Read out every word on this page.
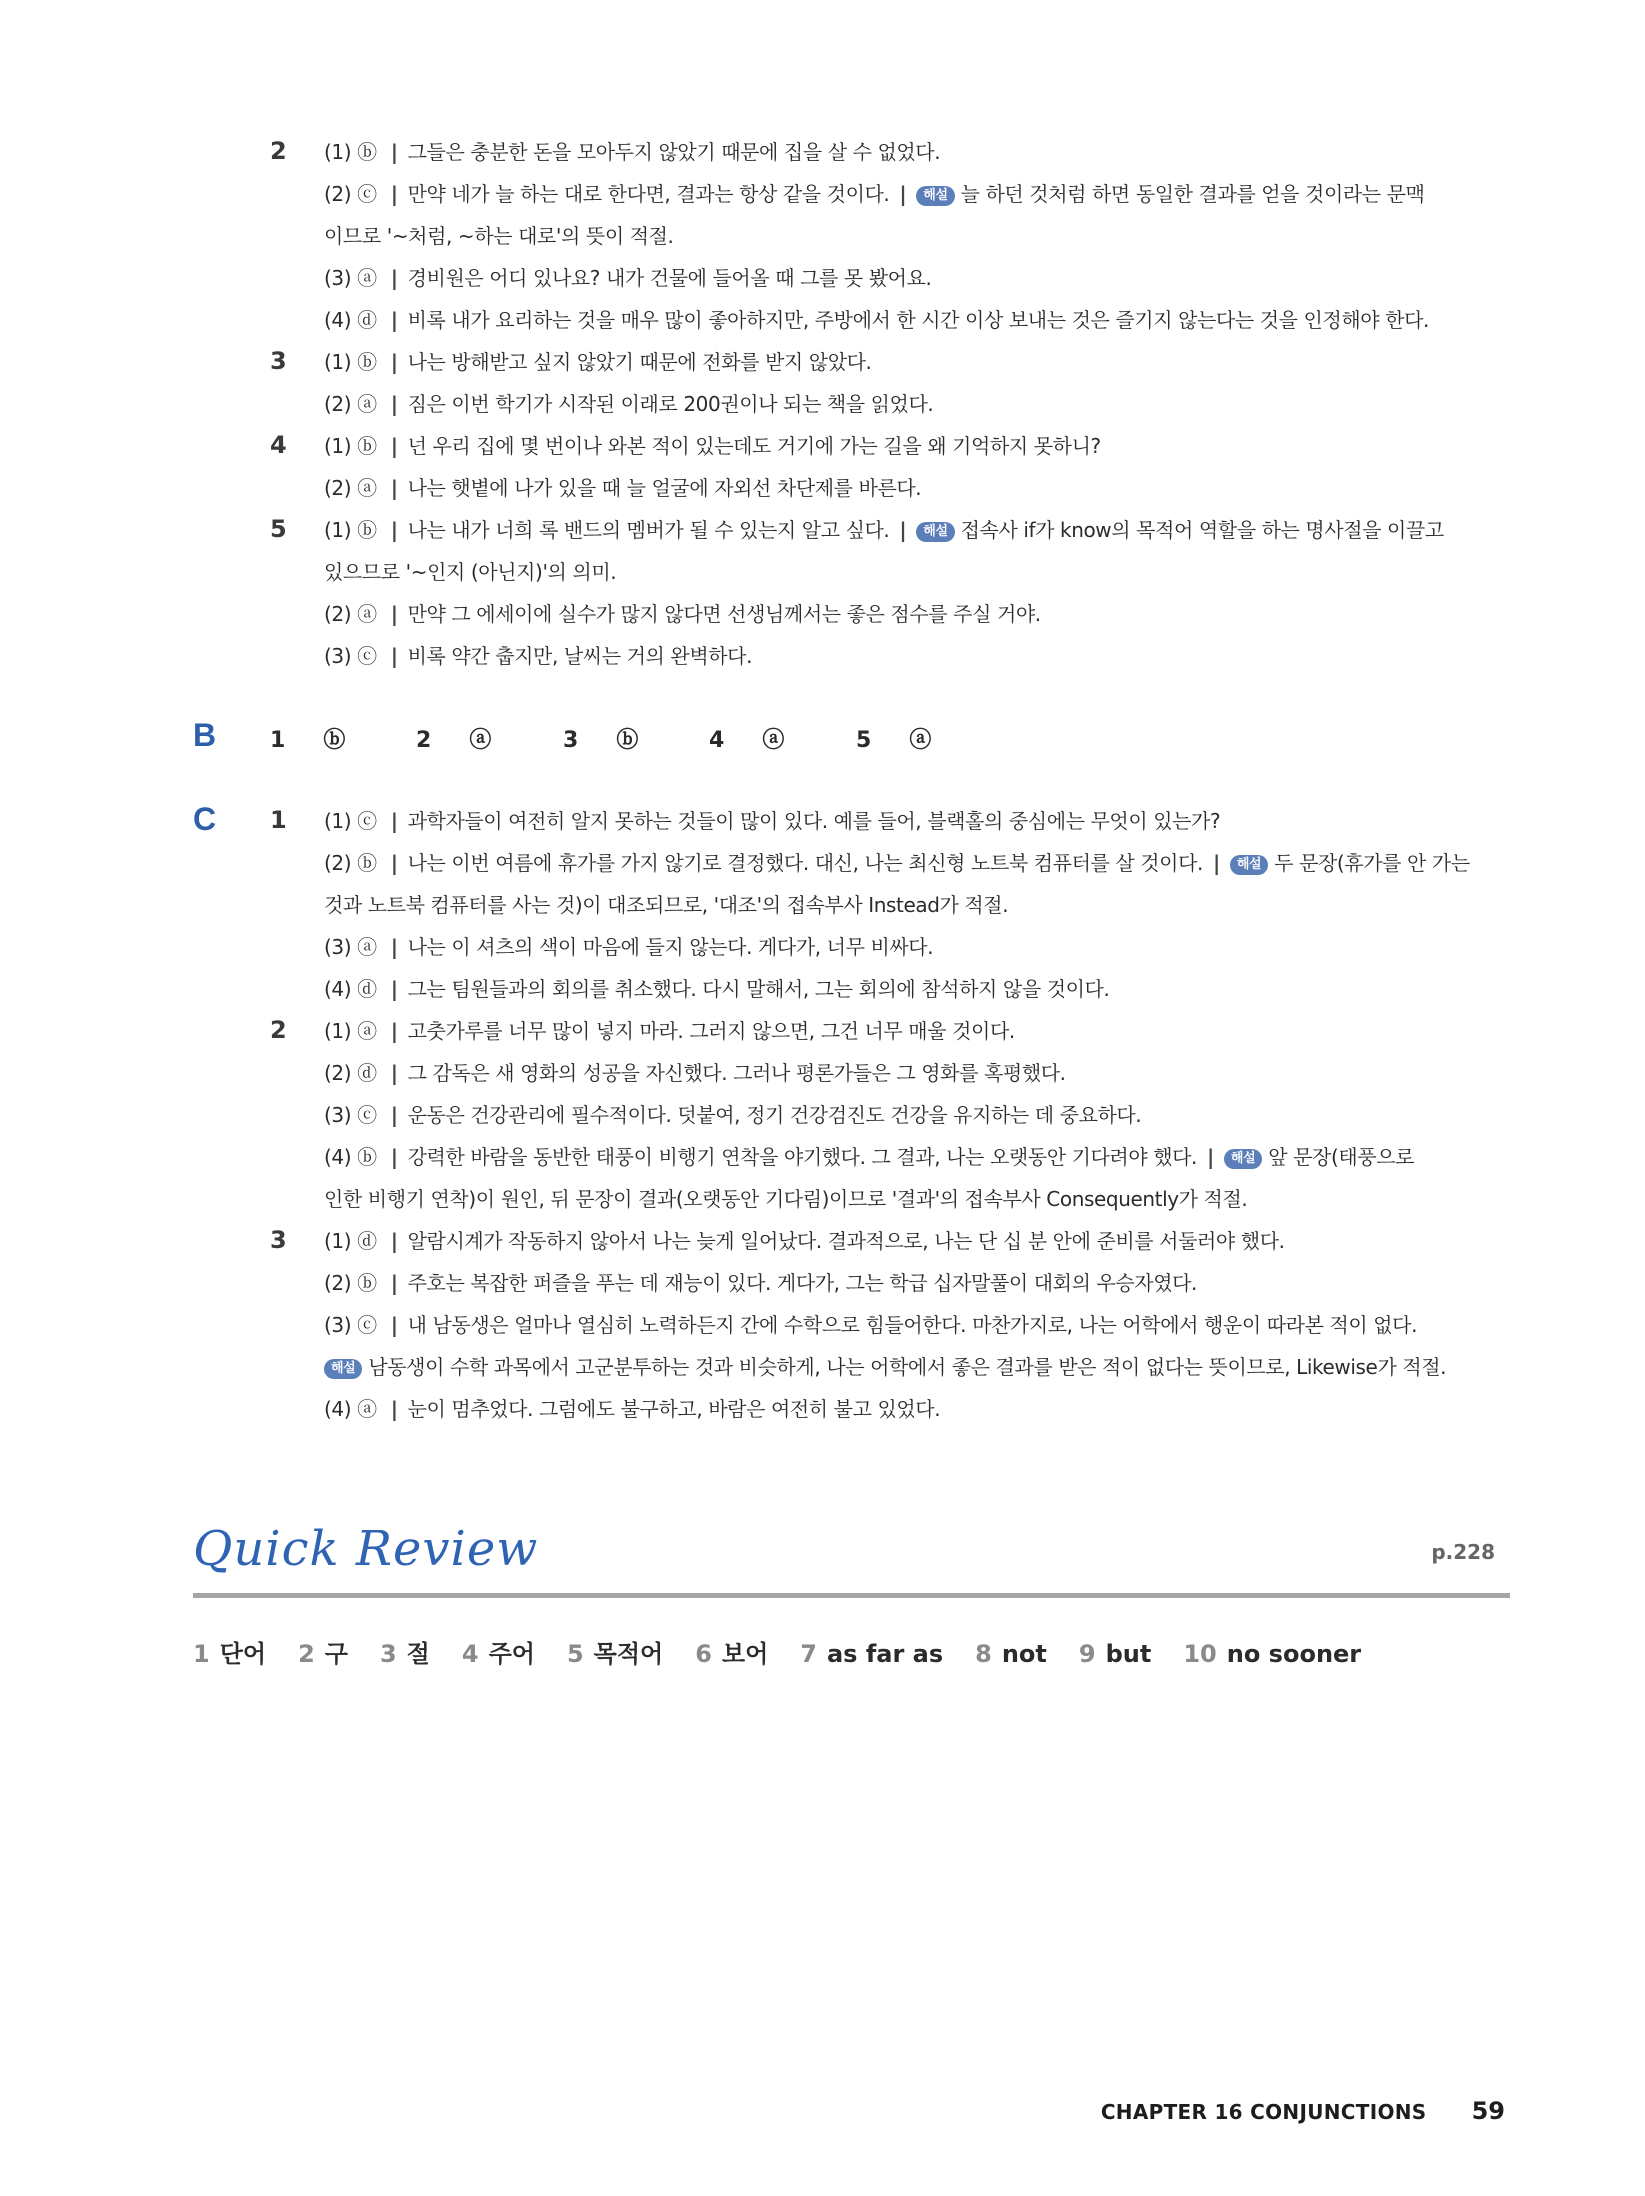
2	(1) ⓑ | 그들은 충분한 돈을 모아두지 않았기 때문에 집을 살 수 없었다.
(2) ⓒ | 만약 네가 늘 하는 대로 한다면, 결과는 항상 같을 것이다. | 해설 늘 하던 것처럼 하면 동일한 결과를 얻을 것이라는 문맥
이므로 '~처럼, ~하는 대로'의 뜻이 적절.
(3) ⓐ | 경비원은 어디 있나요? 내가 건물에 들어올 때 그를 못 봤어요.
(4) ⓓ | 비록 내가 요리하는 것을 매우 많이 좋아하지만, 주방에서 한 시간 이상 보내는 것은 즐기지 않는다는 것을 인정해야 한다.
3	(1) ⓑ | 나는 방해받고 싶지 않았기 때문에 전화를 받지 않았다.
(2) ⓐ | 짐은 이번 학기가 시작된 이래로 200권이나 되는 책을 읽었다.
4	(1) ⓑ | 넌 우리 집에 몇 번이나 와본 적이 있는데도 거기에 가는 길을 왜 기억하지 못하니?
(2) ⓐ | 나는 햇볕에 나가 있을 때 늘 얼굴에 자외선 차단제를 바른다.
5	(1) ⓑ | 나는 내가 너희 록 밴드의 멤버가 될 수 있는지 알고 싶다. | 해설 접속사 if가 know의 목적어 역할을 하는 명사절을 이끌고
있으므로 '~인지 (아닌지)'의 의미.
(2) ⓐ | 만약 그 에세이에 실수가 많지 않다면 선생님께서는 좋은 점수를 주실 거야.
(3) ⓒ | 비록 약간 춥지만, 날씨는 거의 완벽하다.
B	1 ⓑ	2 ⓐ	3 ⓑ	4 ⓐ	5 ⓐ
C	1	(1) ⓒ | 과학자들이 여전히 알지 못하는 것들이 많이 있다. 예를 들어, 블랙홀의 중심에는 무엇이 있는가?
(2) ⓑ | 나는 이번 여름에 휴가를 가지 않기로 결정했다. 대신, 나는 최신형 노트북 컴퓨터를 살 것이다. | 해설 두 문장(휴가를 안 가는
것과 노트북 컴퓨터를 사는 것)이 대조되므로, '대조'의 접속부사 Instead가 적절.
(3) ⓐ | 나는 이 셔츠의 색이 마음에 들지 않는다. 게다가, 너무 비싸다.
(4) ⓓ | 그는 팀원들과의 회의를 취소했다. 다시 말해서, 그는 회의에 참석하지 않을 것이다.
2	(1) ⓐ | 고춧가루를 너무 많이 넣지 마라. 그러지 않으면, 그건 너무 매울 것이다.
(2) ⓓ | 그 감독은 새 영화의 성공을 자신했다. 그러나 평론가들은 그 영화를 혹평했다.
(3) ⓒ | 운동은 건강관리에 필수적이다. 덧붙여, 정기 건강검진도 건강을 유지하는 데 중요하다.
(4) ⓑ | 강력한 바람을 동반한 태풍이 비행기 연착을 야기했다. 그 결과, 나는 오랫동안 기다려야 했다. | 해설 앞 문장(태풍으로
인한 비행기 연착)이 원인, 뒤 문장이 결과(오랫동안 기다림)이므로 '결과'의 접속부사 Consequently가 적절.
3	(1) ⓓ | 알람시계가 작동하지 않아서 나는 늦게 일어났다. 결과적으로, 나는 단 십 분 안에 준비를 서둘러야 했다.
(2) ⓑ | 주호는 복잡한 퍼즐을 푸는 데 재능이 있다. 게다가, 그는 학급 십자말풀이 대회의 우승자였다.
(3) ⓒ | 내 남동생은 얼마나 열심히 노력하든지 간에 수학으로 힘들어한다. 마찬가지로, 나는 어학에서 행운이 따라본 적이 없다.
해설 남동생이 수학 과목에서 고군분투하는 것과 비슷하게, 나는 어학에서 좋은 결과를 받은 적이 없다는 뜻이므로, Likewise가 적절.
(4) ⓐ | 눈이 멈추었다. 그럼에도 불구하고, 바람은 여전히 불고 있었다.
Quick Review	p.228
1 단어 2 구 3 절 4 주어 5 목적어 6 보어 7 as far as 8 not 9 but 10 no sooner
CHAPTER 16 CONJUNCTIONS 59
